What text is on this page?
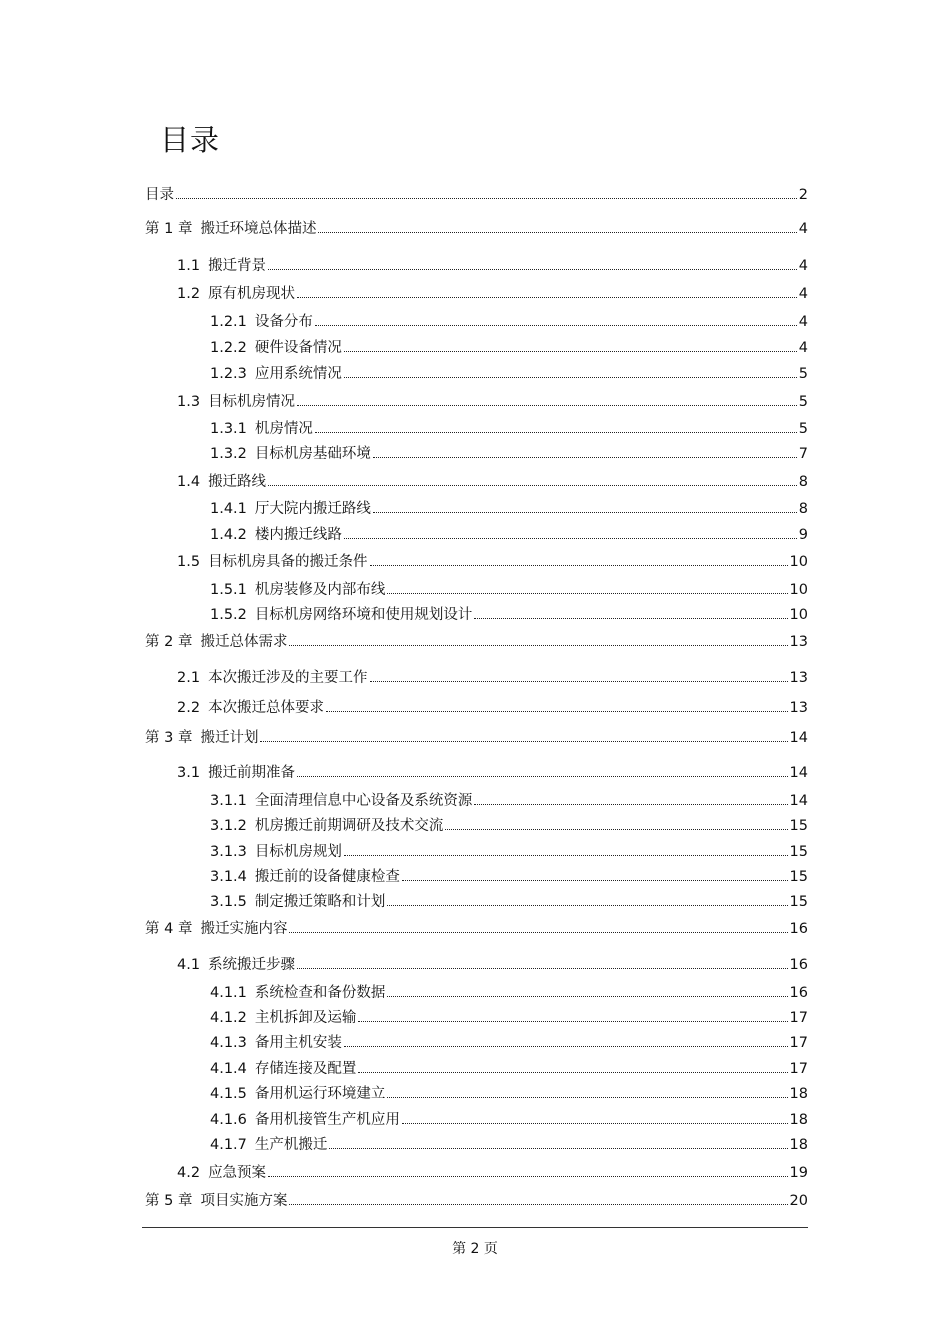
目录
目录	2
第 1 章 搬迁环境总体描述	4
1.1 搬迁背景	4
1.2 原有机房现状	4
1.2.1 设备分布	4
1.2.2 硬件设备情况	4
1.2.3 应用系统情况	5
1.3 目标机房情况	5
1.3.1 机房情况	5
1.3.2 目标机房基础环境	7
1.4 搬迁路线	8
1.4.1 厅大院内搬迁路线	8
1.4.2 楼内搬迁线路	9
1.5 目标机房具备的搬迁条件	10
1.5.1 机房装修及内部布线	10
1.5.2 目标机房网络环境和使用规划设计	10
第 2 章 搬迁总体需求	13
2.1 本次搬迁涉及的主要工作	13
2.2 本次搬迁总体要求	13
第 3 章 搬迁计划	14
3.1 搬迁前期准备	14
3.1.1 全面清理信息中心设备及系统资源	14
3.1.2 机房搬迁前期调研及技术交流	15
3.1.3 目标机房规划	15
3.1.4 搬迁前的设备健康检查	15
3.1.5 制定搬迁策略和计划	15
第 4 章 搬迁实施内容	16
4.1 系统搬迁步骤	16
4.1.1 系统检查和备份数据	16
4.1.2 主机拆卸及运输	17
4.1.3 备用主机安装	17
4.1.4 存储连接及配置	17
4.1.5 备用机运行环境建立	18
4.1.6 备用机接管生产机应用	18
4.1.7 生产机搬迁	18
4.2 应急预案	19
第 5 章 项目实施方案	20
第 2 页
